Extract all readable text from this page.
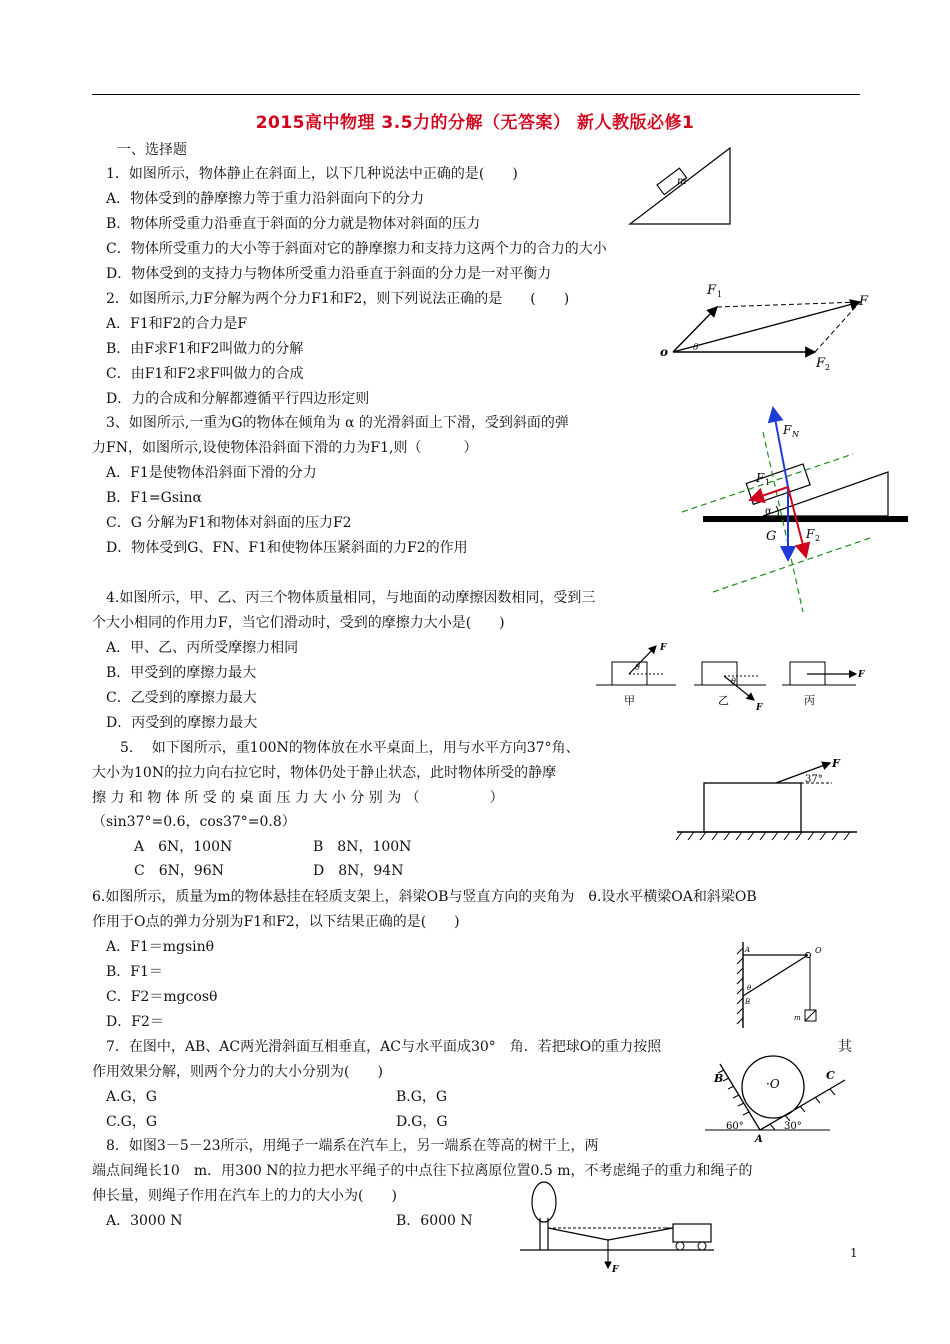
2015高中物理 3.5力的分解（无答案） 新人教版必修1
一、选择题
1．如图所示，物体静止在斜面上，以下几种说法中正确的是(　　)
A．物体受到的静摩擦力等于重力沿斜面向下的分力
B．物体所受重力沿垂直于斜面的分力就是物体对斜面的压力
C．物体所受重力的大小等于斜面对它的静摩擦力和支持力这两个力的合力的大小
D．物体受到的支持力与物体所受重力沿垂直于斜面的分力是一对平衡力
m
2．如图所示,力F分解为两个分力F1和F2，则下列说法正确的是　　(　　)
A．F1和F2的合力是F
B．由F求F1和F2叫做力的分解
C．由F1和F2求F叫做力的合成
D．力的合成和分解都遵循平行四边形定则
F 1	F
F 2
o	θ
3、如图所示,一重为G的物体在倾角为 α 的光滑斜面上下滑，受到斜面的弹
力FN，如图所示,设使物体沿斜面下滑的力为F1,则（　　　）
A．F1是使物体沿斜面下滑的分力
B．F1=Gsinα
C．G 分解为F1和物体对斜面的压力F2
D．物体受到G、FN、F1和使物体压紧斜面的力F2的作用
F N
F 1
α
G F 2
4.如图所示，甲、乙、丙三个物体质量相同，与地面的动摩擦因数相同，受到三
个大小相同的作用力F，当它们滑动时，受到的摩擦力大小是(　　)
A．甲、乙、丙所受摩擦力相同
B．甲受到的摩擦力最大
C．乙受到的摩擦力最大
D．丙受到的摩擦力最大
F
θ
甲
F
θ
乙
F
丙
5.　 如下图所示，重100N的物体放在水平桌面上，用与水平方向37°角、
大小为10N的拉力向右拉它时，物体仍处于静止状态，此时物体所受的静摩
擦 力 和 物 体 所 受 的 桌 面 压 力 大 小 分 别 为 （　　　　　）
（sin37°=0.6，cos37°=0.8）
A　6N，100N	B　8N，100N
C　6N，96N	D　8N，94N
F
37°
6.如图所示，质量为m的物体悬挂在轻质支架上，斜梁OB与竖直方向的夹角为　θ.设水平横梁OA和斜梁OB
作用于O点的弹力分别为F1和F2，以下结果正确的是(　　)
A．F1＝mgsinθ
B．F1＝
C．F2＝mgcosθ
D．F2＝
A	O
B
θ
m
7．在图中，AB、AC两光滑斜面互相垂直，AC与水平面成30°　角．若把球O的重力按照	其
作用效果分解，则两个分力的大小分别为(　　)
A.G，G	B.G，G
C.G，G	D.G，G
B	C
·O
A
60°	30°
8．如图3－5－23所示，用绳子一端系在汽车上，另一端系在等高的树干上，两
端点间绳长10　m．用300 N的拉力把水平绳子的中点往下拉离原位置0.5 m，不考虑绳子的重力和绳子的
伸长量，则绳子作用在汽车上的力的大小为(　　)
A．3000 N	B．6000 N
F
1
